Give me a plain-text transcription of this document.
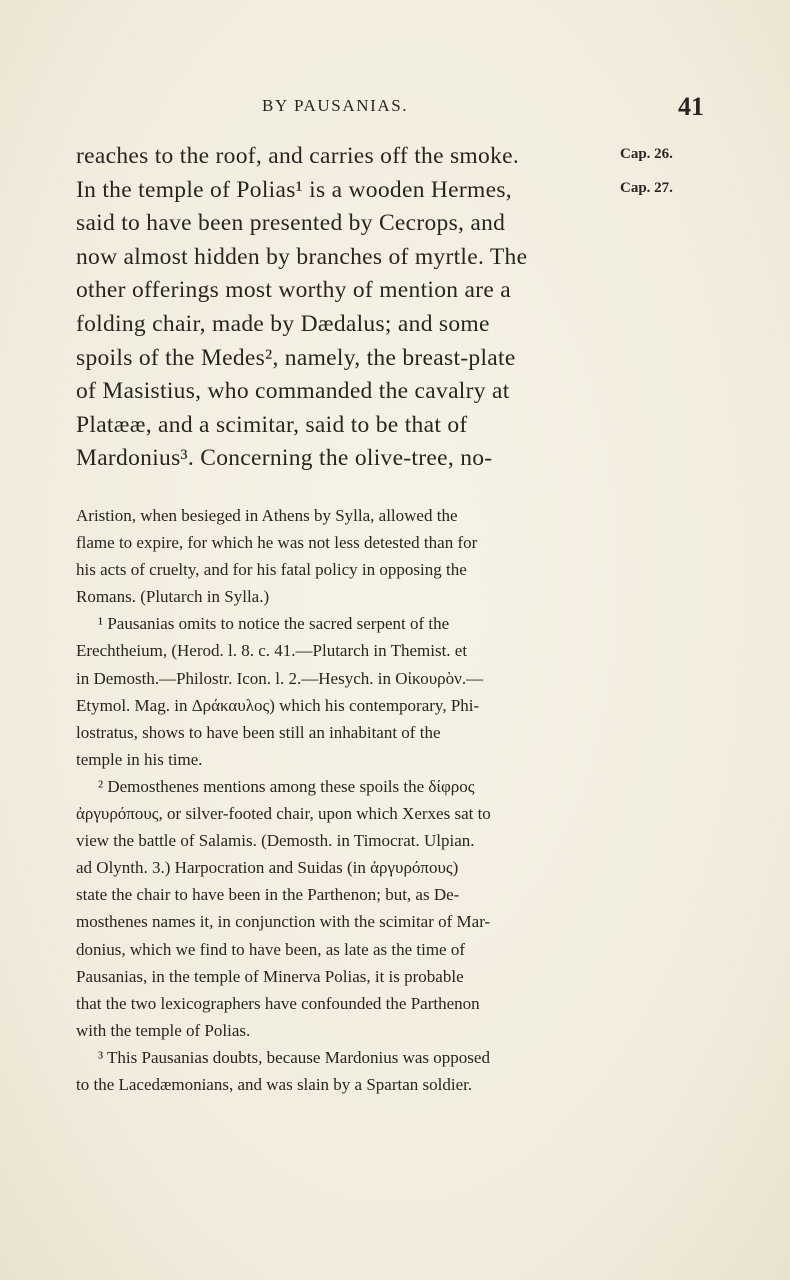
BY PAUSANIAS.	41
reaches to the roof, and carries off the smoke.
In the temple of Polias¹ is a wooden Hermes,
said to have been presented by Cecrops, and
now almost hidden by branches of myrtle. The
other offerings most worthy of mention are a
folding chair, made by Dædalus; and some
spoils of the Medes², namely, the breast-plate
of Masistius, who commanded the cavalry at
Platææ, and a scimitar, said to be that of
Mardonius³. Concerning the olive-tree, no-
Cap. 26.
Cap. 27.
Aristion, when besieged in Athens by Sylla, allowed the
flame to expire, for which he was not less detested than for
his acts of cruelty, and for his fatal policy in opposing the
Romans. (Plutarch in Sylla.)
¹ Pausanias omits to notice the sacred serpent of the
Erechtheium, (Herod. l. 8. c. 41.—Plutarch in Themist. et
in Demosth.—Philostr. Icon. l. 2.—Hesych. in Οἰκουρὸν.—
Etymol. Mag. in Δράκαυλος) which his contemporary, Phi-
lostratus, shows to have been still an inhabitant of the
temple in his time.
² Demosthenes mentions among these spoils the δίφρος
ἀργυρόπους, or silver-footed chair, upon which Xerxes sat to
view the battle of Salamis. (Demosth. in Timocrat. Ulpian.
ad Olynth. 3.) Harpocration and Suidas (in ἀργυρόπους)
state the chair to have been in the Parthenon; but, as De-
mosthenes names it, in conjunction with the scimitar of Mar-
donius, which we find to have been, as late as the time of
Pausanias, in the temple of Minerva Polias, it is probable
that the two lexicographers have confounded the Parthenon
with the temple of Polias.
³ This Pausanias doubts, because Mardonius was opposed
to the Lacedæmonians, and was slain by a Spartan soldier.
